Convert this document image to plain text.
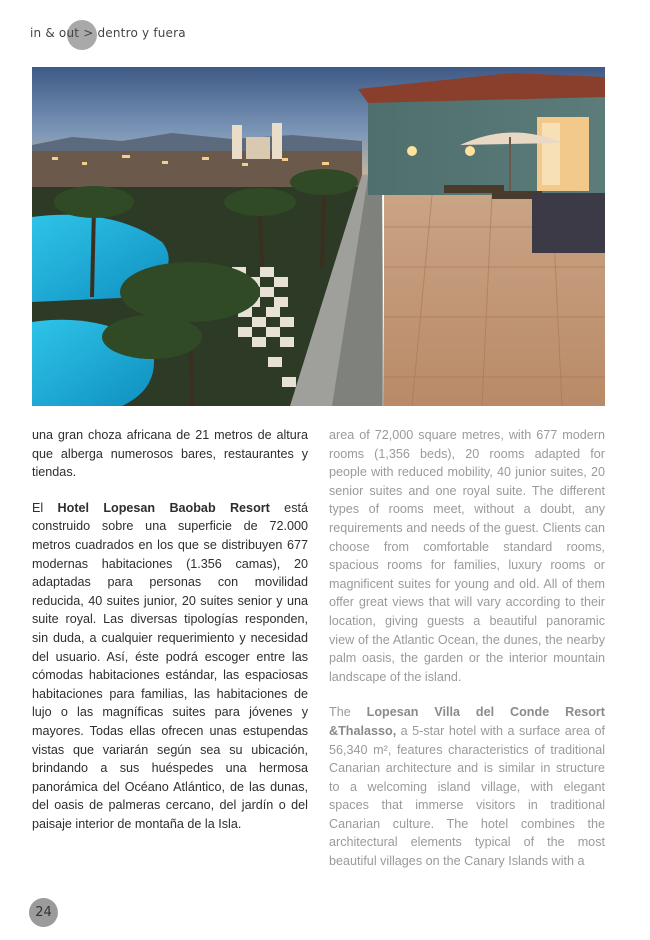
in & out > dentro y fuera

una gran choza africana de 21 metros de altura que alberga numerosos bares, restaurantes y tiendas.

El Hotel Lopesan Baobab Resort está construido sobre una superficie de 72.000 metros cuadrados en los que se distribuyen 677 modernas habitaciones (1.356 camas), 20 adaptadas para personas con movilidad reducida, 40 suites junior, 20 suites senior y una suite royal. Las diversas tipologías responden, sin duda, a cualquier requerimiento y necesidad del usuario. Así, éste podrá escoger entre las cómodas habitaciones estándar, las espaciosas habitaciones para familias, las habitaciones de lujo o las magníficas suites para jóvenes y mayores. Todas ellas ofrecen unas estupendas vistas que variarán según sea su ubicación, brindando a sus huéspedes una hermosa panorámica del Océano Atlántico, de las dunas, del oasis de palmeras cercano, del jardín o del paisaje interior de montaña de la Isla.

area of 72,000 square metres, with 677 modern rooms (1,356 beds), 20 rooms adapted for people with reduced mobility, 40 junior suites, 20 senior suites and one royal suite. The different types of rooms meet, without a doubt, any requirements and needs of the guest. Clients can choose from comfortable standard rooms, spacious rooms for families, luxury rooms or magnificent suites for young and old. All of them offer great views that will vary according to their location, giving guests a beautiful panoramic view of the Atlantic Ocean, the dunes, the nearby palm oasis, the garden or the interior mountain landscape of the island.

The Lopesan Villa del Conde Resort &Thalasso, a 5-star hotel with a surface area of 56,340 m², features characteristics of traditional Canarian architecture and is similar in structure to a welcoming island village, with elegant spaces that immerse visitors in traditional Canarian culture. The hotel combines the architectural elements typical of the most beautiful villages on the Canary Islands with a

24
